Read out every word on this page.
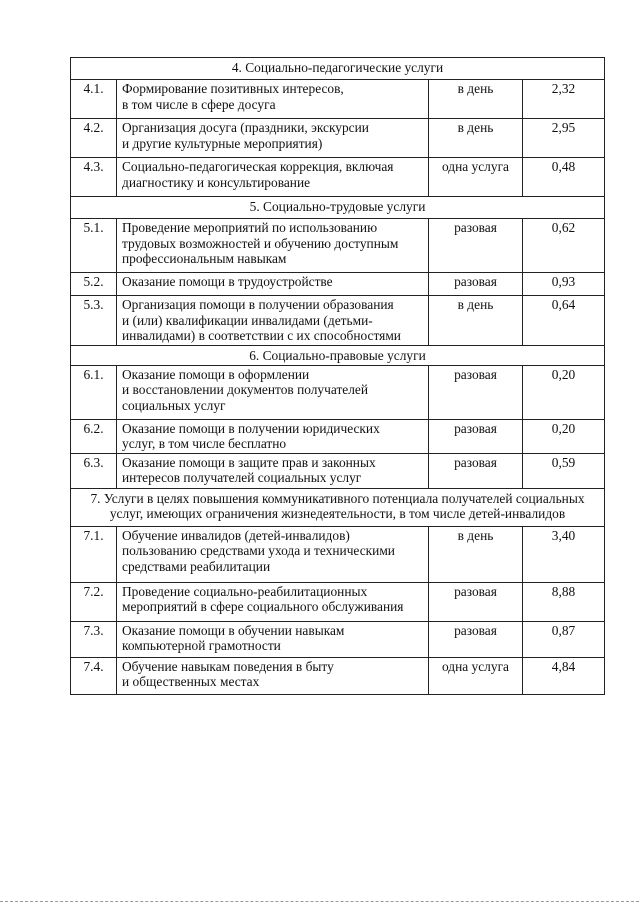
4. Социально-педагогические услуги			
4.1.	Формирование позитивных интересов,
в том числе в сфере досуга	в день	2,32
4.2.	Организация досуга (праздники, экскурсии
и другие культурные мероприятия)	в день	2,95
4.3.	Социально-педагогическая коррекция, включая
диагностику и консультирование	одна услуга	0,48
5. Социально-трудовые услуги			
5.1.	Проведение мероприятий по использованию
трудовых возможностей и обучению доступным
профессиональным навыкам	разовая	0,62
5.2.	Оказание помощи в трудоустройстве	разовая	0,93
5.3.	Организация помощи в получении образования
и (или) квалификации инвалидами (детьми-
инвалидами) в соответствии с их способностями	в день	0,64
6. Социально-правовые услуги			
6.1.	Оказание помощи в оформлении
и восстановлении документов получателей
социальных услуг	разовая	0,20
6.2.	Оказание помощи в получении юридических
услуг, в том числе бесплатно	разовая	0,20
6.3.	Оказание помощи в защите прав и законных
интересов получателей социальных услуг	разовая	0,59
7. Услуги в целях повышения коммуникативного потенциала получателей социальных
услуг, имеющих ограничения жизнедеятельности, в том числе детей-инвалидов			
7.1.	Обучение инвалидов (детей-инвалидов)
пользованию средствами ухода и техническими
средствами реабилитации	в день	3,40
7.2.	Проведение социально-реабилитационных
мероприятий в сфере социального обслуживания	разовая	8,88
7.3.	Оказание помощи в обучении навыкам
компьютерной грамотности	разовая	0,87
7.4.	Обучение навыкам поведения в быту
и общественных местах	одна услуга	4,84
